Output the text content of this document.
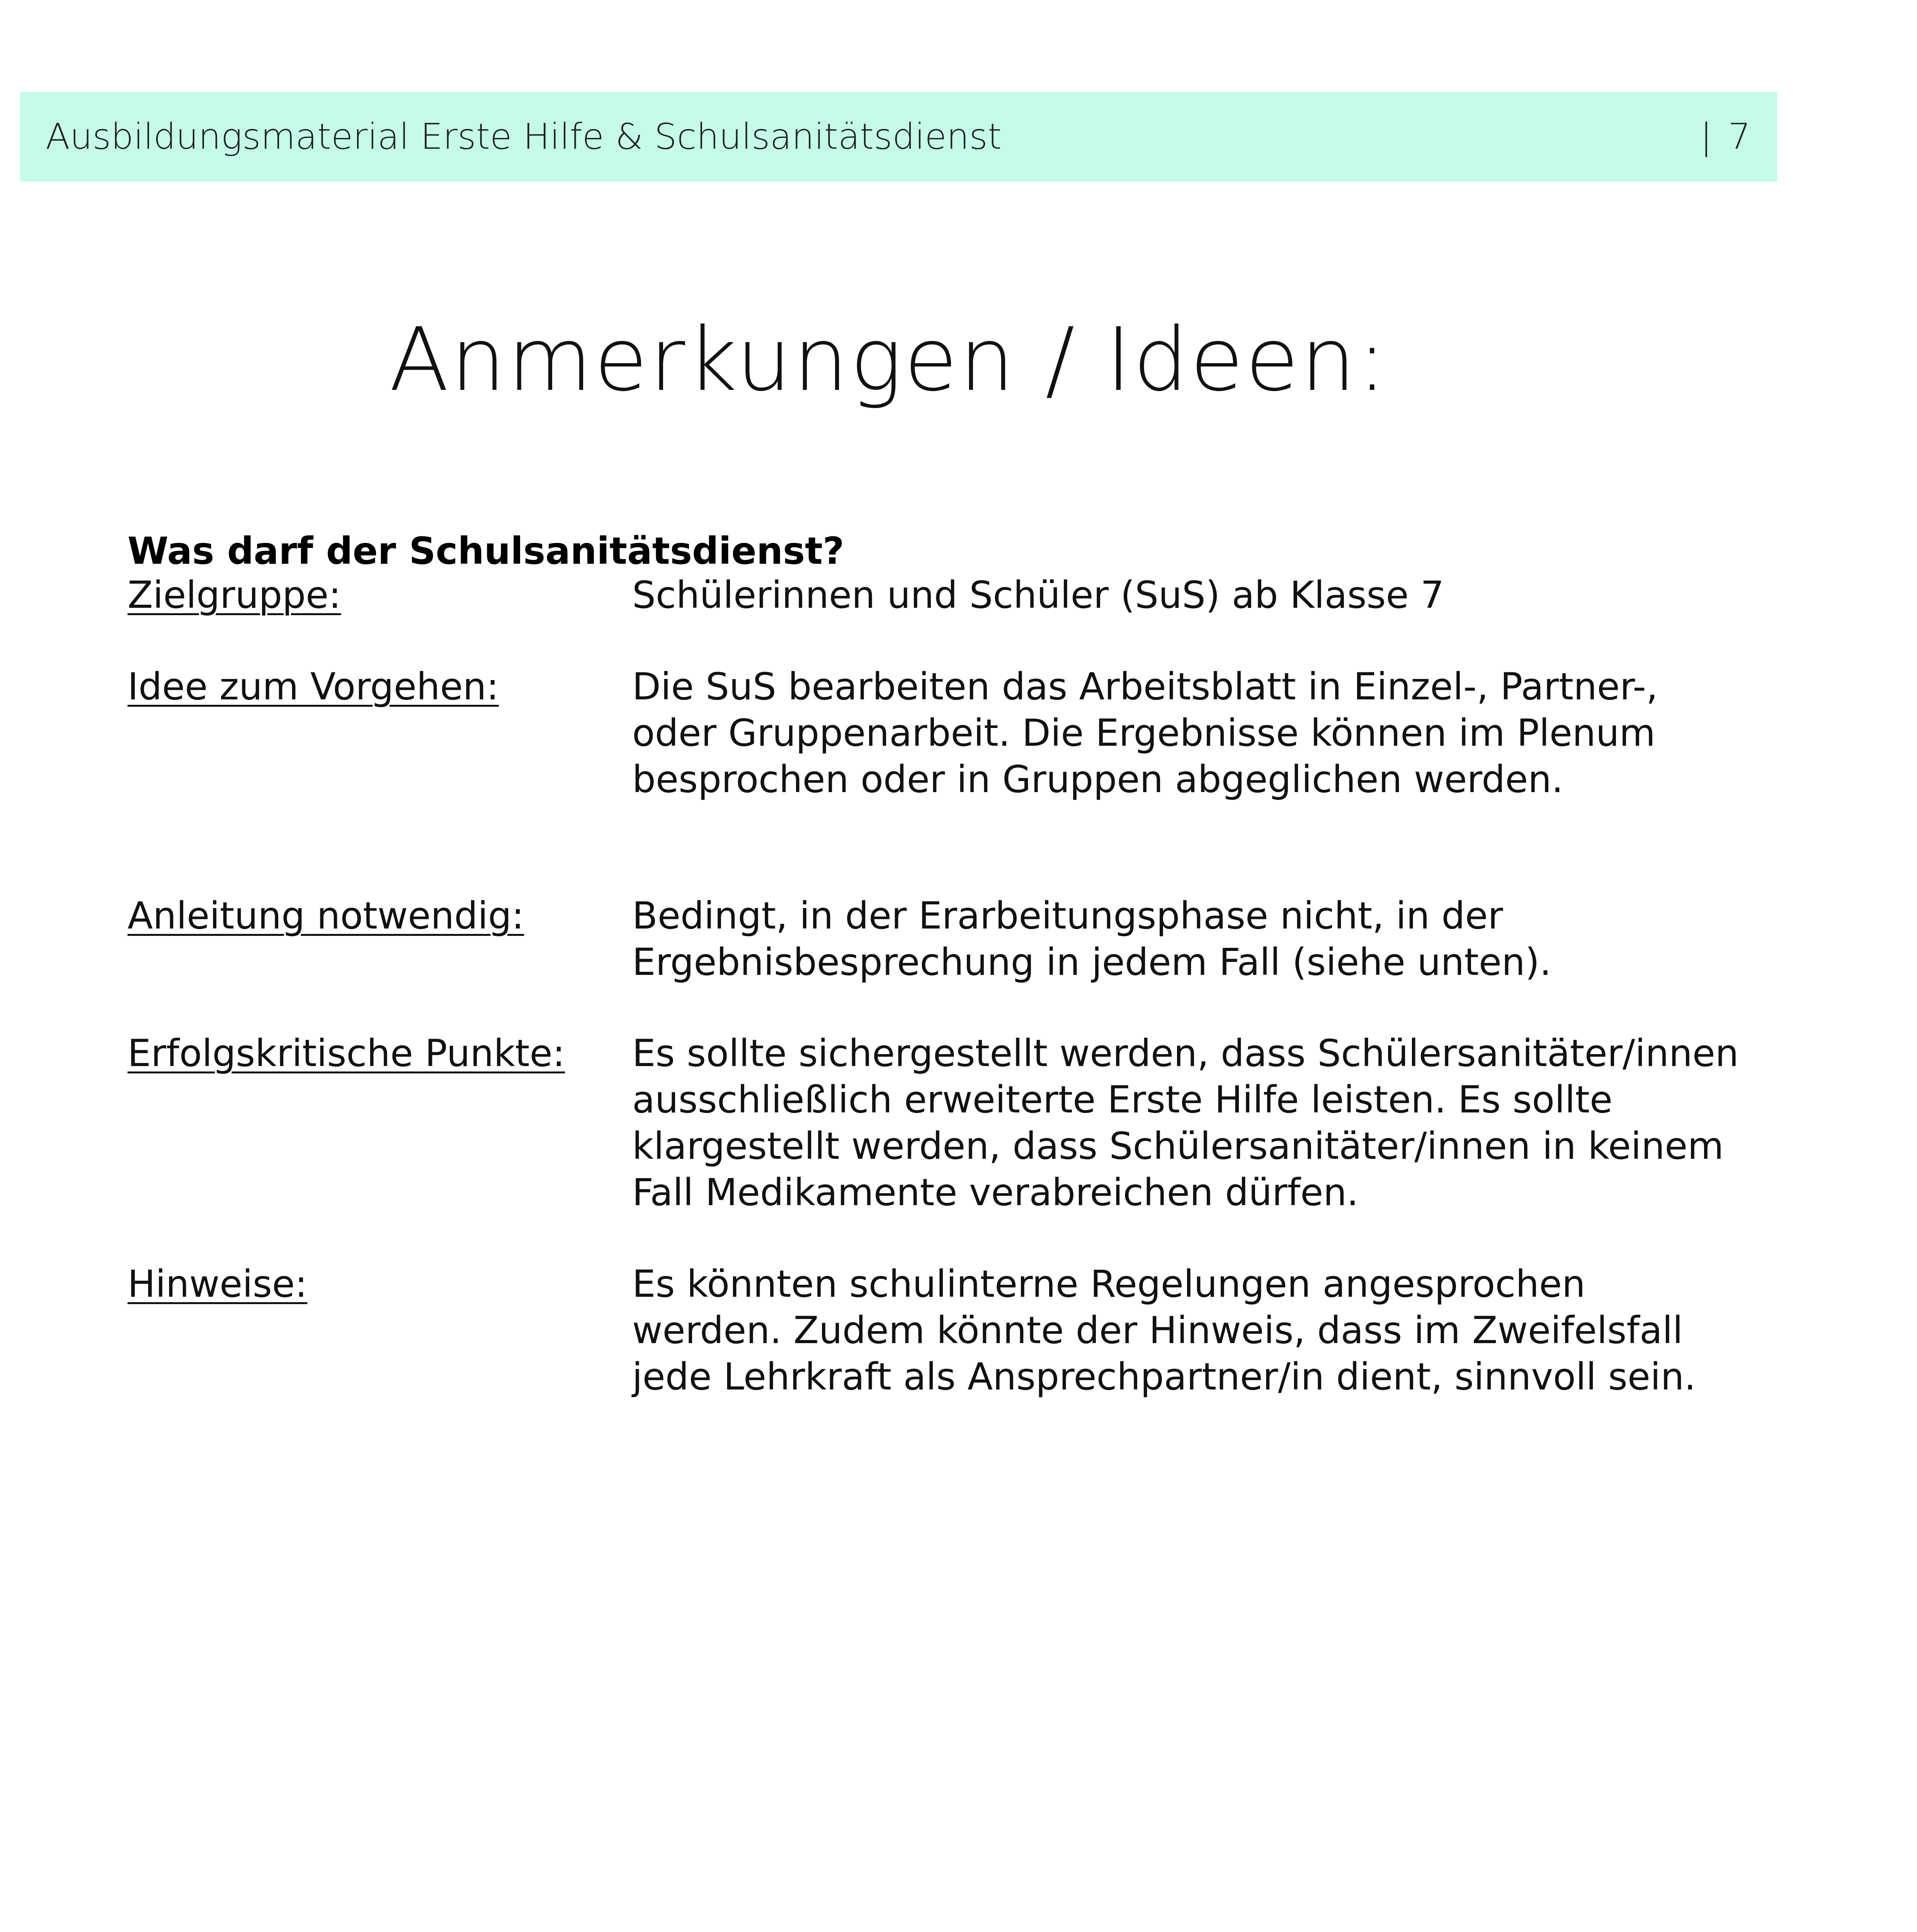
Ausbildungsmaterial Erste Hilfe & Schulsanitätsdienst	| 7
Anmerkungen / Ideen:
Was darf der Schulsanitätsdienst?
Zielgruppe:	Schülerinnen und Schüler (SuS) ab Klasse 7
Idee zum Vorgehen:	Die SuS bearbeiten das Arbeitsblatt in Einzel-, Partner-,
oder Gruppenarbeit. Die Ergebnisse können im Plenum
besprochen oder in Gruppen abgeglichen werden.
Anleitung notwendig:	Bedingt, in der Erarbeitungsphase nicht, in der
Ergebnisbesprechung in jedem Fall (siehe unten).
Erfolgskritische Punkte: Es sollte sichergestellt werden, dass Schülersanitäter/innen
ausschließlich erweiterte Erste Hilfe leisten. Es sollte
klargestellt werden, dass Schülersanitäter/innen in keinem
Fall Medikamente verabreichen dürfen.
Hinweise:	Es könnten schulinterne Regelungen angesprochen
werden. Zudem könnte der Hinweis, dass im Zweifelsfall
jede Lehrkraft als Ansprechpartner/in dient, sinnvoll sein.
